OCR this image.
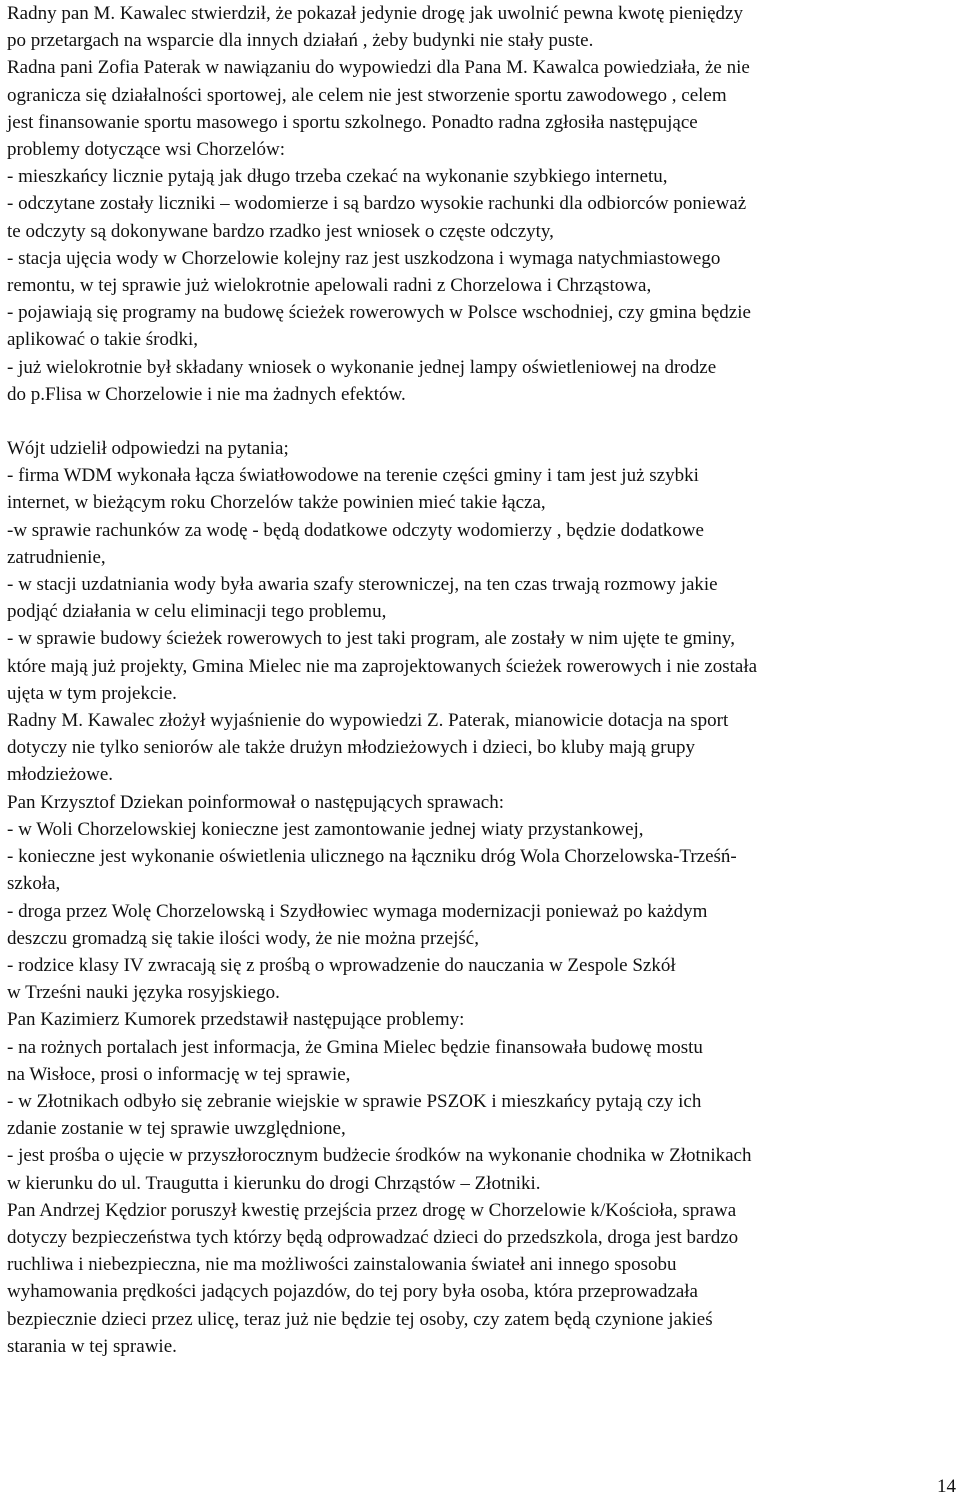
Radny pan M. Kawalec stwierdził, że pokazał jedynie drogę jak uwolnić pewna kwotę pieniędzy
po przetargach na wsparcie dla innych działań , żeby budynki nie stały puste.
Radna pani Zofia Paterak w nawiązaniu do wypowiedzi dla Pana M. Kawalca powiedziała, że nie
ogranicza się działalności sportowej, ale celem nie jest stworzenie sportu zawodowego , celem
jest finansowanie sportu masowego i sportu szkolnego. Ponadto radna zgłosiła następujące
problemy dotyczące wsi Chorzelów:
- mieszkańcy licznie pytają jak długo trzeba czekać na wykonanie szybkiego internetu,
- odczytane zostały liczniki – wodomierze i są bardzo wysokie rachunki dla odbiorców ponieważ
te odczyty są dokonywane bardzo rzadko jest wniosek o częste odczyty,
- stacja ujęcia wody w Chorzelowie kolejny raz jest uszkodzona i wymaga natychmiastowego
remontu, w tej sprawie już wielokrotnie apelowali radni z Chorzelowa i Chrząstowa,
- pojawiają się programy na budowę ścieżek rowerowych w Polsce wschodniej, czy gmina będzie
aplikować o takie środki,
- już wielokrotnie był składany wniosek o wykonanie jednej lampy oświetleniowej na drodze
do p.Flisa w Chorzelowie i nie ma żadnych efektów.
Wójt udzielił odpowiedzi na pytania;
- firma WDM wykonała łącza światłowodowe na terenie części gminy i tam jest już szybki
internet, w bieżącym roku Chorzelów także powinien mieć takie łącza,
-w sprawie rachunków za wodę - będą dodatkowe odczyty wodomierzy , będzie dodatkowe
zatrudnienie,
- w stacji uzdatniania wody była awaria szafy sterowniczej, na ten czas trwają rozmowy jakie
podjąć działania w celu eliminacji tego problemu,
- w sprawie budowy ścieżek rowerowych to jest taki program, ale zostały w nim ujęte te gminy,
które mają już projekty, Gmina Mielec nie ma zaprojektowanych ścieżek rowerowych i nie została
ujęta w tym projekcie.
Radny M. Kawalec złożył wyjaśnienie do wypowiedzi Z. Paterak, mianowicie dotacja na sport
dotyczy nie tylko seniorów ale także drużyn młodzieżowych i dzieci, bo kluby mają grupy
młodzieżowe.
Pan Krzysztof Dziekan poinformował o następujących sprawach:
- w Woli Chorzelowskiej konieczne jest zamontowanie jednej wiaty przystankowej,
- konieczne jest wykonanie oświetlenia ulicznego na łączniku dróg Wola Chorzelowska-Trześń-
szkoła,
- droga przez Wolę Chorzelowską i Szydłowiec wymaga modernizacji ponieważ po każdym
deszczu gromadzą się takie ilości wody, że nie można przejść,
- rodzice klasy IV zwracają się z prośbą o wprowadzenie do nauczania w Zespole Szkół
w Trześni nauki języka rosyjskiego.
Pan Kazimierz Kumorek przedstawił następujące problemy:
- na rożnych portalach jest informacja, że Gmina Mielec będzie finansowała budowę mostu
na Wisłoce, prosi o informację w tej sprawie,
- w Złotnikach odbyło się zebranie wiejskie w sprawie PSZOK i mieszkańcy pytają czy ich
zdanie zostanie w tej sprawie uwzględnione,
- jest prośba o ujęcie w przyszłorocznym budżecie środków na wykonanie chodnika w Złotnikach
w kierunku do ul. Traugutta i kierunku do drogi Chrząstów – Złotniki.
Pan Andrzej Kędzior poruszył kwestię przejścia przez drogę w Chorzelowie k/Kościoła, sprawa
dotyczy bezpieczeństwa tych którzy będą odprowadzać dzieci do przedszkola, droga jest bardzo
ruchliwa i niebezpieczna, nie ma możliwości zainstalowania świateł ani innego sposobu
wyhamowania prędkości jadących pojazdów, do tej pory była osoba, która przeprowadzała
bezpiecznie dzieci przez ulicę, teraz już nie będzie tej osoby, czy zatem będą czynione jakieś
starania w tej sprawie.
14
